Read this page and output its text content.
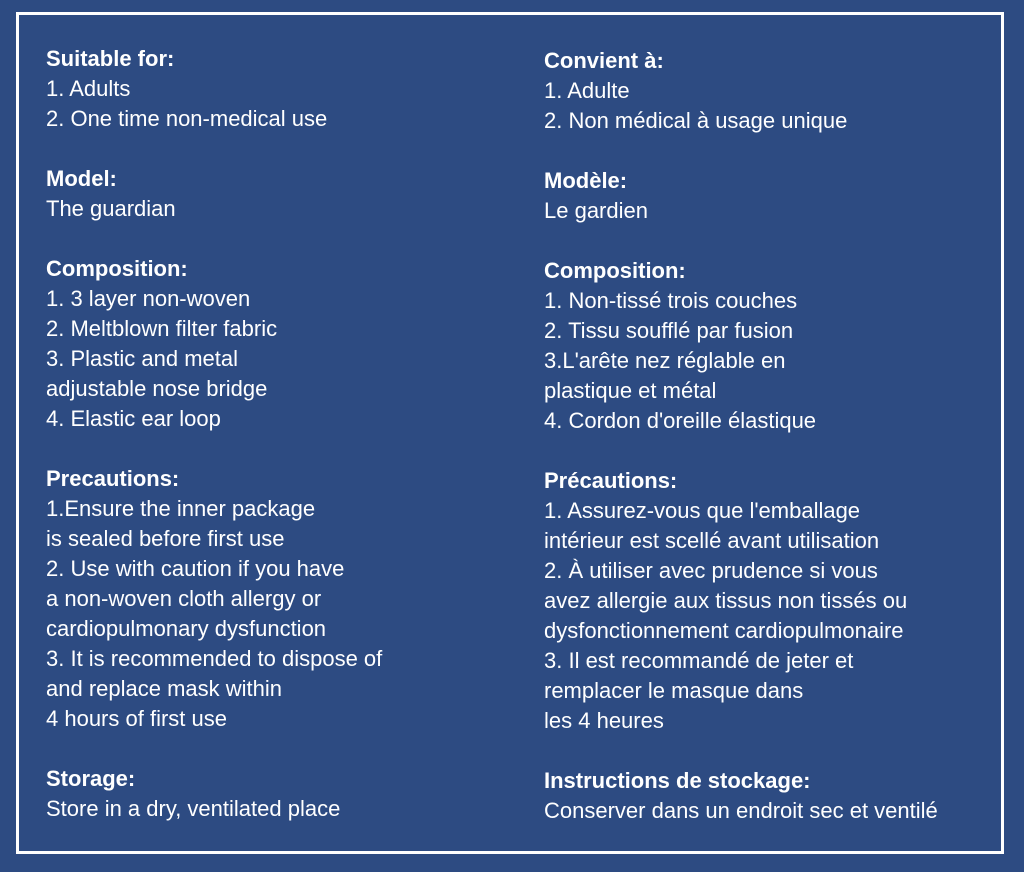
Suitable for:
1. Adults
2. One time non-medical use
Model:
The guardian
Composition:
1. 3 layer non-woven
2. Meltblown filter fabric
3. Plastic and metal
adjustable nose bridge
4. Elastic ear loop
Precautions:
1.Ensure the inner package
is sealed before first use
2. Use with caution if you have
a non-woven cloth allergy or
cardiopulmonary dysfunction
3. It is recommended to dispose of
and replace mask within
4 hours of first use
Storage:
Store in a dry, ventilated place
Convient à:
1. Adulte
2. Non médical à usage unique
Modèle:
Le gardien
Composition:
1. Non-tissé trois couches
2. Tissu soufflé par fusion
3.L'arête nez réglable en
plastique et métal
4. Cordon d'oreille élastique
Précautions:
1. Assurez-vous que l'emballage
intérieur est scellé avant utilisation
2. À utiliser avec prudence si vous
avez allergie aux tissus non tissés ou
dysfonctionnement cardiopulmonaire
3. Il est recommandé de jeter et
remplacer le masque dans
les 4 heures
Instructions de stockage:
Conserver dans un endroit sec et ventilé
